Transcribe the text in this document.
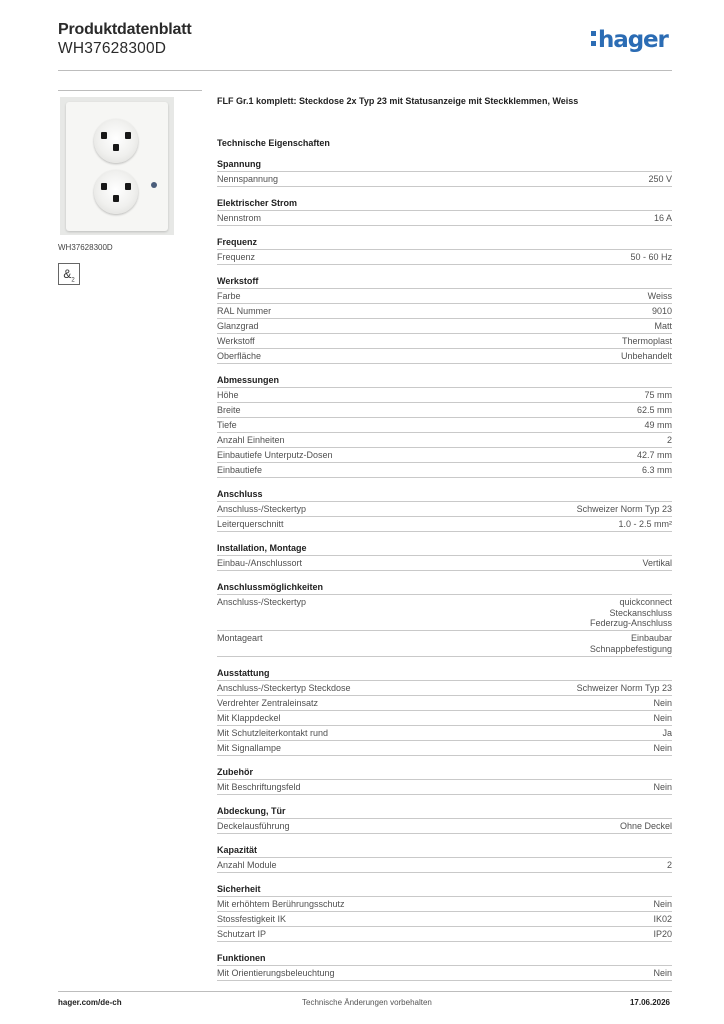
Produktdatenblatt
WH37628300D	hager
WH37628300D
$\&_2$
FLF Gr.1 komplett: Steckdose 2x Typ 23 mit Statusanzeige mit Steckklemmen, Weiss
Technische Eigenschaften
Spannung
Nennspannung	250 V
Elektrischer Strom
Nennstrom	16 A
Frequenz
Frequenz	50 - 60 Hz
Werkstoff
Farbe	Weiss
RAL Nummer	9010
Glanzgrad	Matt
Werkstoff	Thermoplast
Oberfläche	Unbehandelt
Abmessungen
Höhe	75 mm
Breite	62.5 mm
Tiefe	49 mm
Anzahl Einheiten	2
Einbautiefe Unterputz-Dosen	42.7 mm
Einbautiefe	6.3 mm
Anschluss
Anschluss-/Steckertyp	Schweizer Norm Typ 23
Leiterquerschnitt	1.0 - 2.5 mm²
Installation, Montage
Einbau-/Anschlussort	Vertikal
Anschlussmöglichkeiten
Anschluss-/Steckertyp	quickconnect
Steckanschluss
Federzug-Anschluss
Montageart	Einbaubar
Schnappbefestigung
Ausstattung
Anschluss-/Steckertyp Steckdose	Schweizer Norm Typ 23
Verdrehter Zentraleinsatz	Nein
Mit Klappdeckel	Nein
Mit Schutzleiterkontakt rund	Ja
Mit Signallampe	Nein
Zubehör
Mit Beschriftungsfeld	Nein
Abdeckung, Tür
Deckelausführung	Ohne Deckel
Kapazität
Anzahl Module	2
Sicherheit
Mit erhöhtem Berührungsschutz	Nein
Stossfestigkeit IK	IK02
Schutzart IP	IP20
Funktionen
Mit Orientierungsbeleuchtung	Nein
hager.com/de-ch	Technische Änderungen vorbehalten	17.06.2026
